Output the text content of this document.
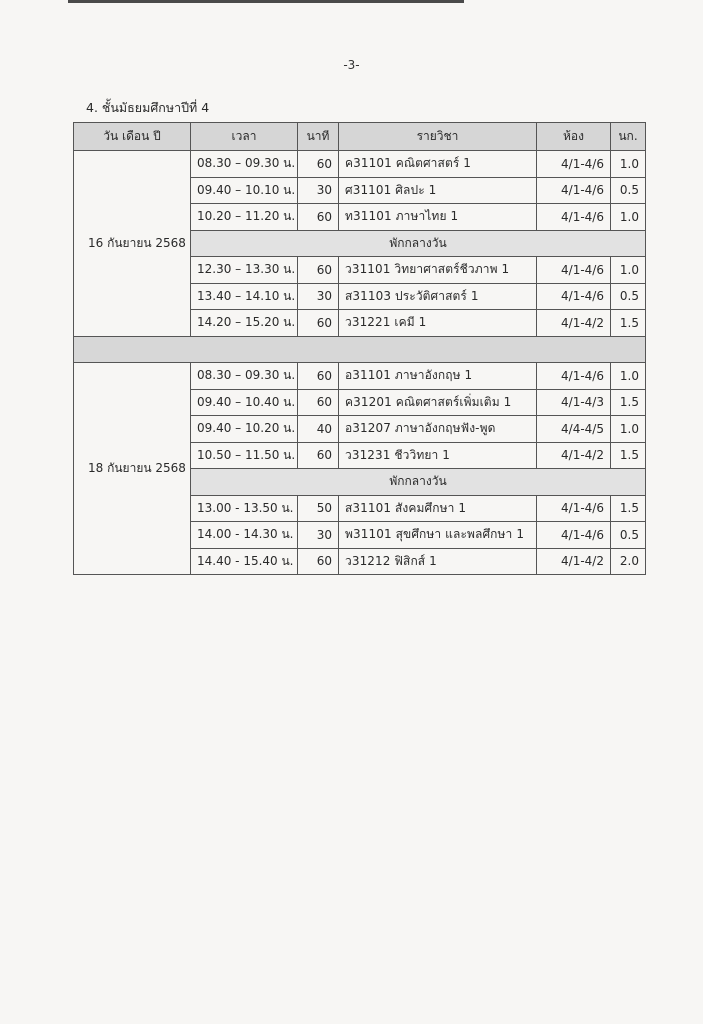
-3-
4. ชั้นมัธยมศึกษาปีที่ 4
วัน เดือน ปี	เวลา	นาที	รายวิชา	ห้อง	นก.
16 กันยายน 2568	08.30 – 09.30 น.	60	ค31101 คณิตศาสตร์ 1	4/1-4/6	1.0
	09.40 – 10.10 น.	30	ศ31101 ศิลปะ 1	4/1-4/6	0.5
	10.20 – 11.20 น.	60	ท31101 ภาษาไทย 1	4/1-4/6	1.0
	พักกลางวัน				
	12.30 – 13.30 น.	60	ว31101 วิทยาศาสตร์ชีวภาพ 1	4/1-4/6	1.0
	13.40 – 14.10 น.	30	ส31103 ประวัติศาสตร์ 1	4/1-4/6	0.5
	14.20 – 15.20 น.	60	ว31221 เคมี 1	4/1-4/2	1.5

18 กันยายน 2568	08.30 – 09.30 น.	60	อ31101 ภาษาอังกฤษ 1	4/1-4/6	1.0
	09.40 – 10.40 น.	60	ค31201 คณิตศาสตร์เพิ่มเติม 1	4/1-4/3	1.5
	09.40 – 10.20 น.	40	อ31207 ภาษาอังกฤษฟัง-พูด	4/4-4/5	1.0
	10.50 – 11.50 น.	60	ว31231 ชีววิทยา 1	4/1-4/2	1.5
	พักกลางวัน				
	13.00 - 13.50 น.	50	ส31101 สังคมศึกษา 1	4/1-4/6	1.5
	14.00 - 14.30 น.	30	พ31101 สุขศึกษา และพลศึกษา 1	4/1-4/6	0.5
	14.40 - 15.40 น.	60	ว31212 ฟิสิกส์ 1	4/1-4/2	2.0
